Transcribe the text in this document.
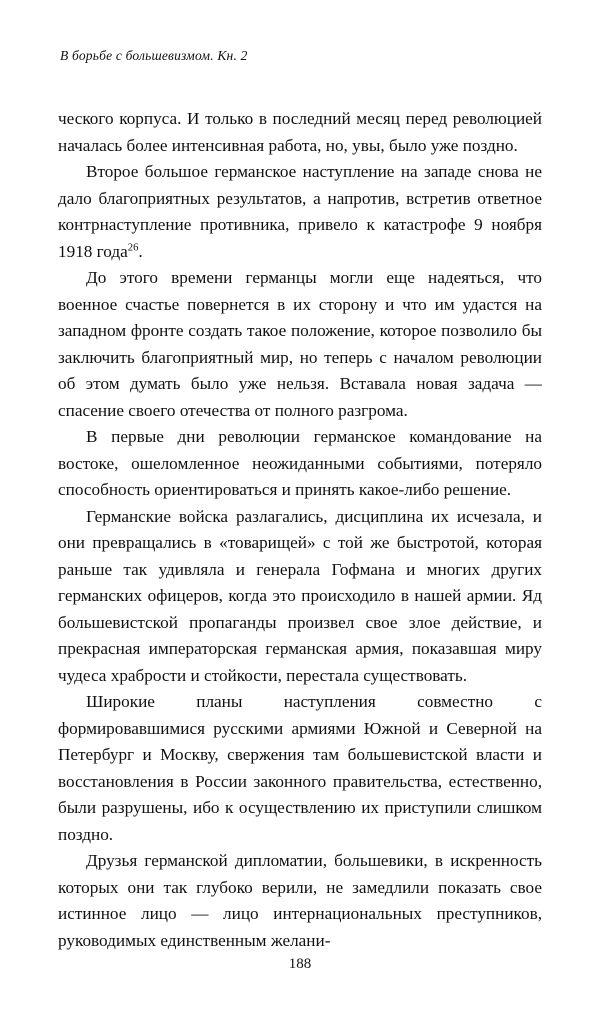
В борьбе с большевизмом. Кн. 2

ческого корпуса. И только в последний месяц перед революцией началась более интенсивная работа, но, увы, было уже поздно.

Второе большое германское наступление на западе снова не дало благоприятных результатов, а напротив, встретив ответное контрнаступление противника, привело к катастрофе 9 ноября 1918 года$^{26}$.

До этого времени германцы могли еще надеяться, что военное счастье повернется в их сторону и что им удастся на западном фронте создать такое положение, которое позволило бы заключить благоприятный мир, но теперь с началом революции об этом думать было уже нельзя. Вставала новая задача — спасение своего отечества от полного разгрома.

В первые дни революции германское командование на востоке, ошеломленное неожиданными событиями, потеряло способность ориентироваться и принять какое-либо решение.

Германские войска разлагались, дисциплина их исчезала, и они превращались в «товарищей» с той же быстротой, которая раньше так удивляла и генерала Гофмана и многих других германских офицеров, когда это происходило в нашей армии. Яд большевистской пропаганды произвел свое злое действие, и прекрасная императорская германская армия, показавшая миру чудеса храбрости и стойкости, перестала существовать.

Широкие планы наступления совместно с формировавшимися русскими армиями Южной и Северной на Петербург и Москву, свержения там большевистской власти и восстановления в России законного правительства, естественно, были разрушены, ибо к осуществлению их приступили слишком поздно.

Друзья германской дипломатии, большевики, в искренность которых они так глубоко верили, не замедлили показать свое истинное лицо — лицо интернациональных преступников, руководимых единственным желани-

188
